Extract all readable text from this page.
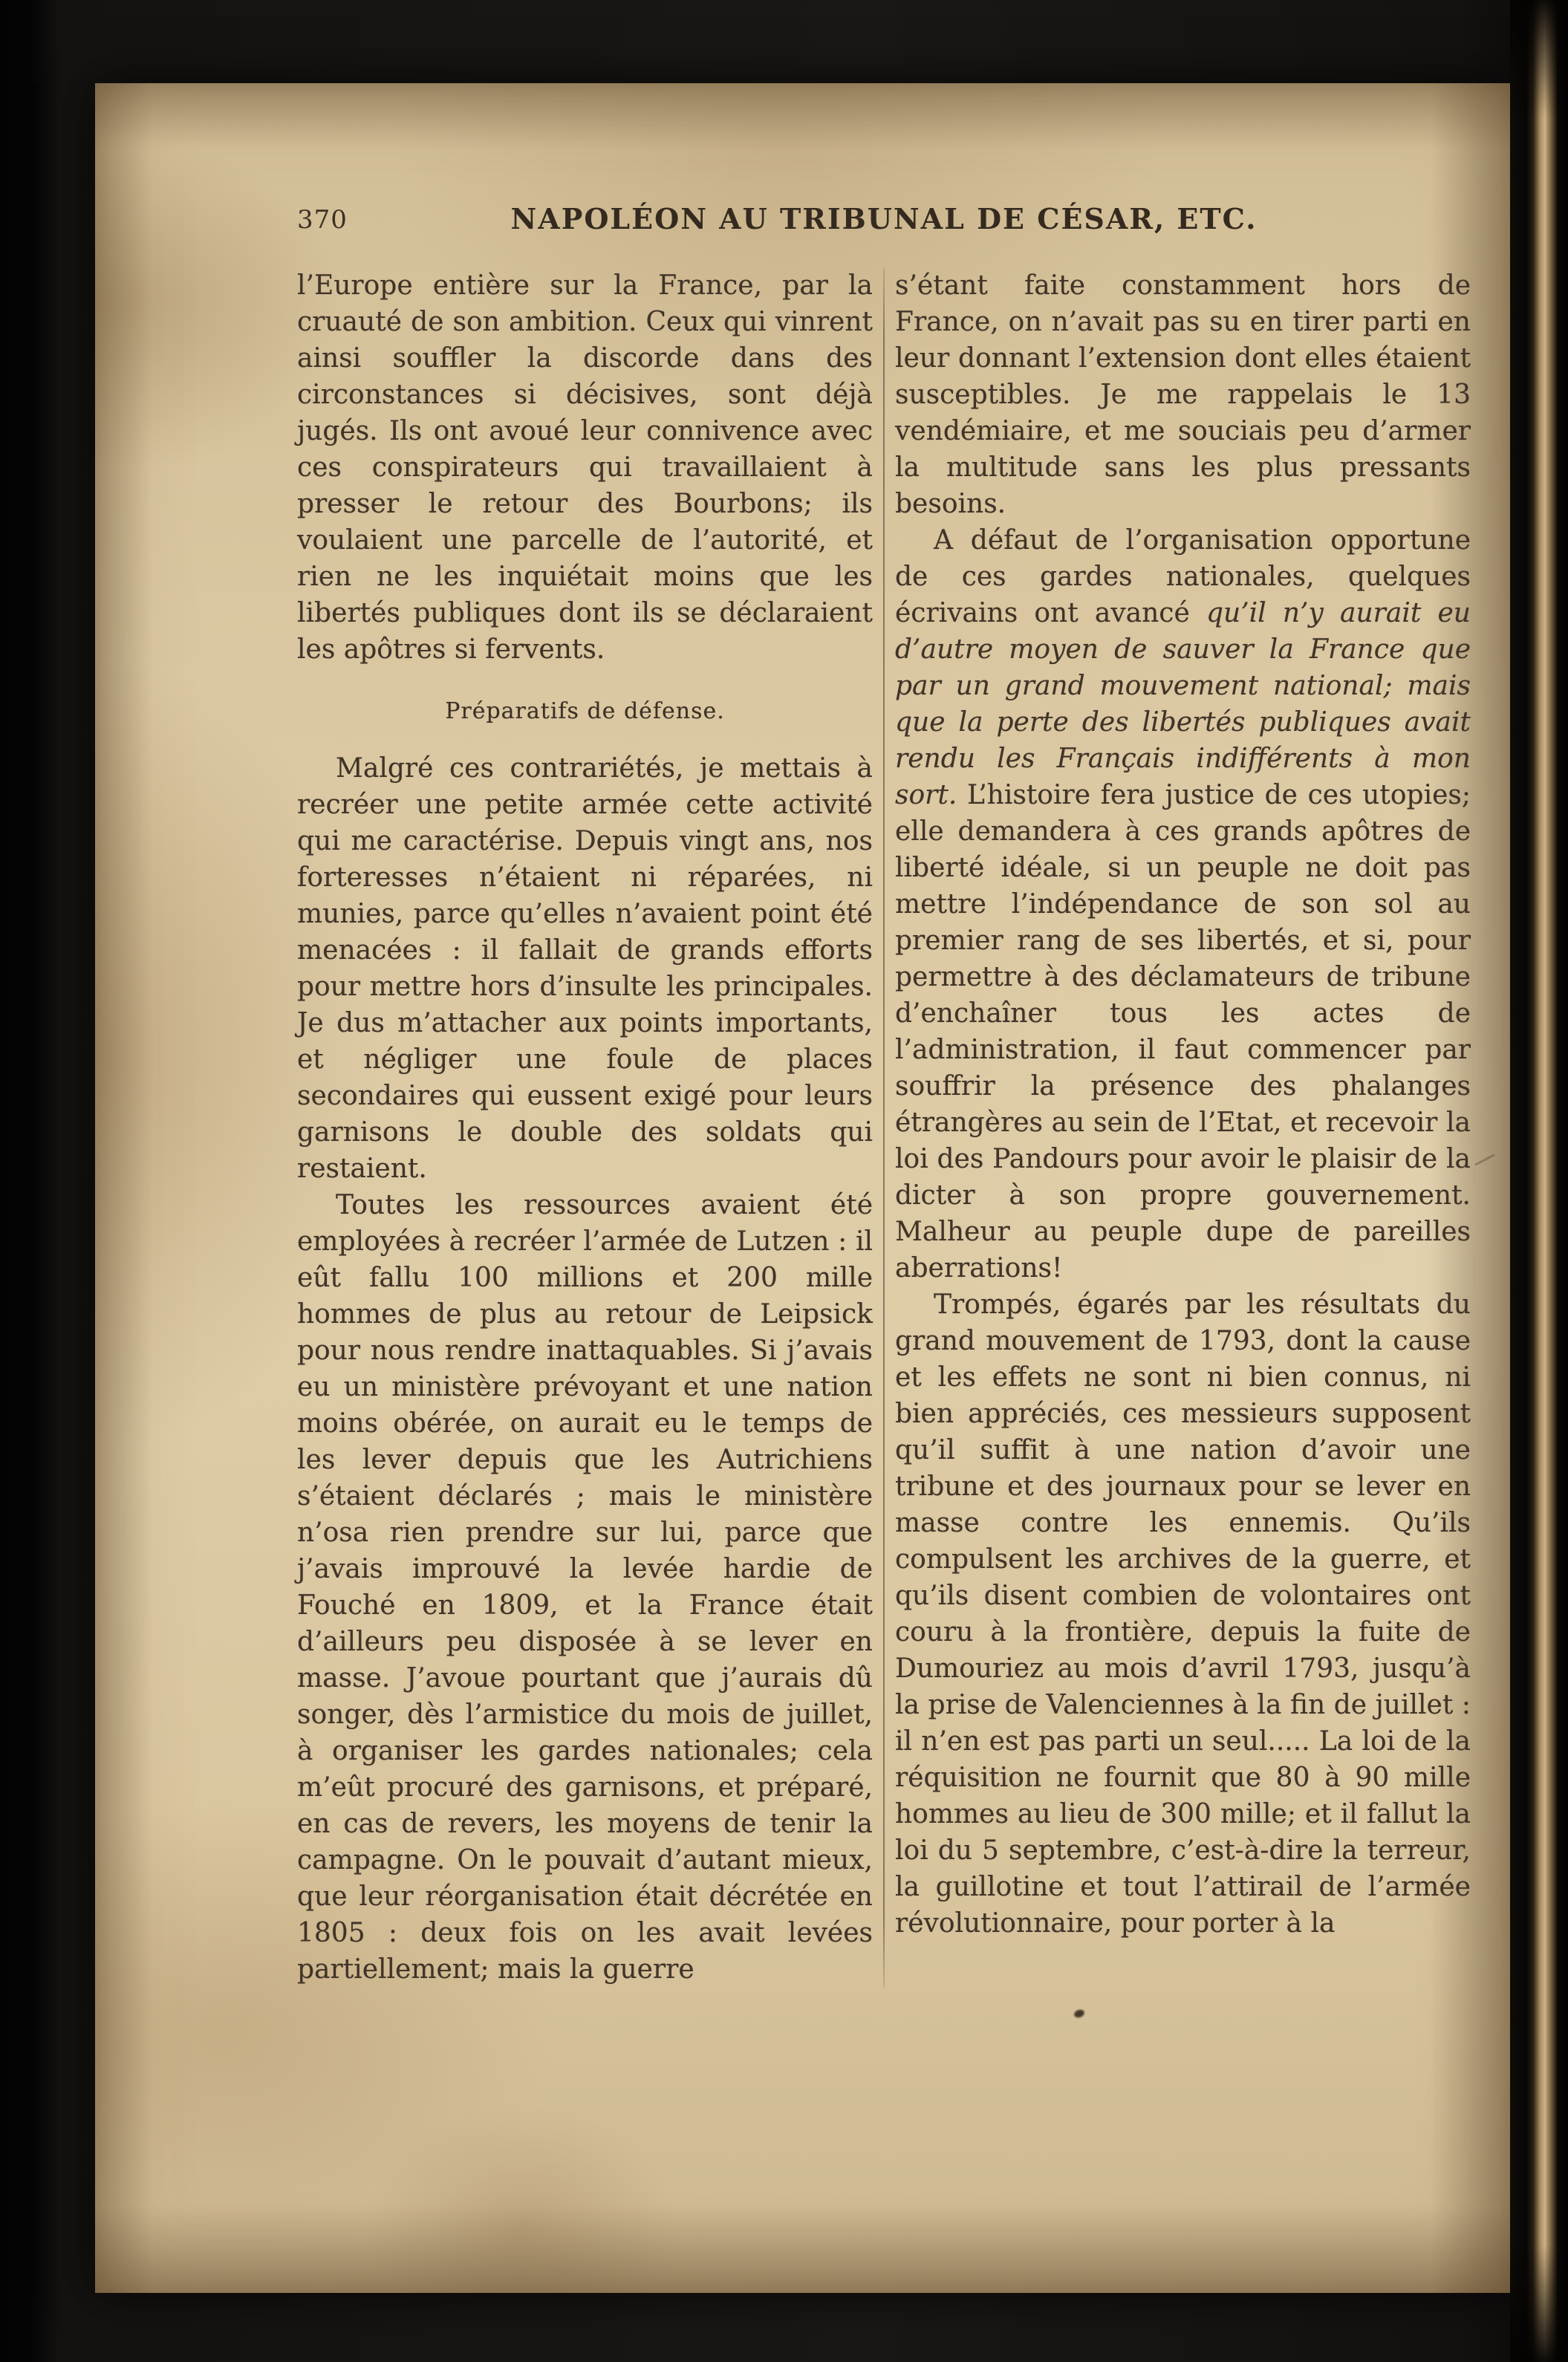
370	NAPOLÉON AU TRIBUNAL DE CÉSAR, ETC.

l’Europe entière sur la France, par la cruauté de son ambition. Ceux qui vinrent ainsi souffler la discorde dans des circonstances si décisives, sont déjà jugés. Ils ont avoué leur connivence avec ces conspirateurs qui travaillaient à presser le retour des Bourbons; ils voulaient une parcelle de l’autorité, et rien ne les inquiétait moins que les libertés publiques dont ils se déclaraient les apôtres si fervents.

Préparatifs de défense.

Malgré ces contrariétés, je mettais à recréer une petite armée cette activité qui me caractérise. Depuis vingt ans, nos forteresses n’étaient ni réparées, ni munies, parce qu’elles n’avaient point été menacées : il fallait de grands efforts pour mettre hors d’insulte les principales. Je dus m’attacher aux points importants, et négliger une foule de places secondaires qui eussent exigé pour leurs garnisons le double des soldats qui restaient.

Toutes les ressources avaient été employées à recréer l’armée de Lutzen : il eût fallu 100 millions et 200 mille hommes de plus au retour de Leipsick pour nous rendre inattaquables. Si j’avais eu un ministère prévoyant et une nation moins obérée, on aurait eu le temps de les lever depuis que les Autrichiens s’étaient déclarés ; mais le ministère n’osa rien prendre sur lui, parce que j’avais improuvé la levée hardie de Fouché en 1809, et la France était d’ailleurs peu disposée à se lever en masse. J’avoue pourtant que j’aurais dû songer, dès l’armistice du mois de juillet, à organiser les gardes nationales; cela m’eût procuré des garnisons, et préparé, en cas de revers, les moyens de tenir la campagne. On le pouvait d’autant mieux, que leur réorganisation était décrétée en 1805 : deux fois on les avait levées partiellement; mais la guerre

s’étant faite constamment hors de France, on n’avait pas su en tirer parti en leur donnant l’extension dont elles étaient susceptibles. Je me rappelais le 13 vendémiaire, et me souciais peu d’armer la multitude sans les plus pressants besoins.

A défaut de l’organisation opportune de ces gardes nationales, quelques écrivains ont avancé qu’il n’y aurait eu d’autre moyen de sauver la France que par un grand mouvement national; mais que la perte des libertés publiques avait rendu les Français indifférents à mon sort. L’histoire fera justice de ces utopies; elle demandera à ces grands apôtres de liberté idéale, si un peuple ne doit pas mettre l’indépendance de son sol au premier rang de ses libertés, et si, pour permettre à des déclamateurs de tribune d’enchaîner tous les actes de l’administration, il faut commencer par souffrir la présence des phalanges étrangères au sein de l’Etat, et recevoir la loi des Pandours pour avoir le plaisir de la dicter à son propre gouvernement. Malheur au peuple dupe de pareilles aberrations!

Trompés, égarés par les résultats du grand mouvement de 1793, dont la cause et les effets ne sont ni bien connus, ni bien appréciés, ces messieurs supposent qu’il suffit à une nation d’avoir une tribune et des journaux pour se lever en masse contre les ennemis. Qu’ils compulsent les archives de la guerre, et qu’ils disent combien de volontaires ont couru à la frontière, depuis la fuite de Dumouriez au mois d’avril 1793, jusqu’à la prise de Valenciennes à la fin de juillet : il n’en est pas parti un seul..... La loi de la réquisition ne fournit que 80 à 90 mille hommes au lieu de 300 mille; et il fallut la loi du 5 septembre, c’est-à-dire la terreur, la guillotine et tout l’attirail de l’armée révolutionnaire, pour porter à la
